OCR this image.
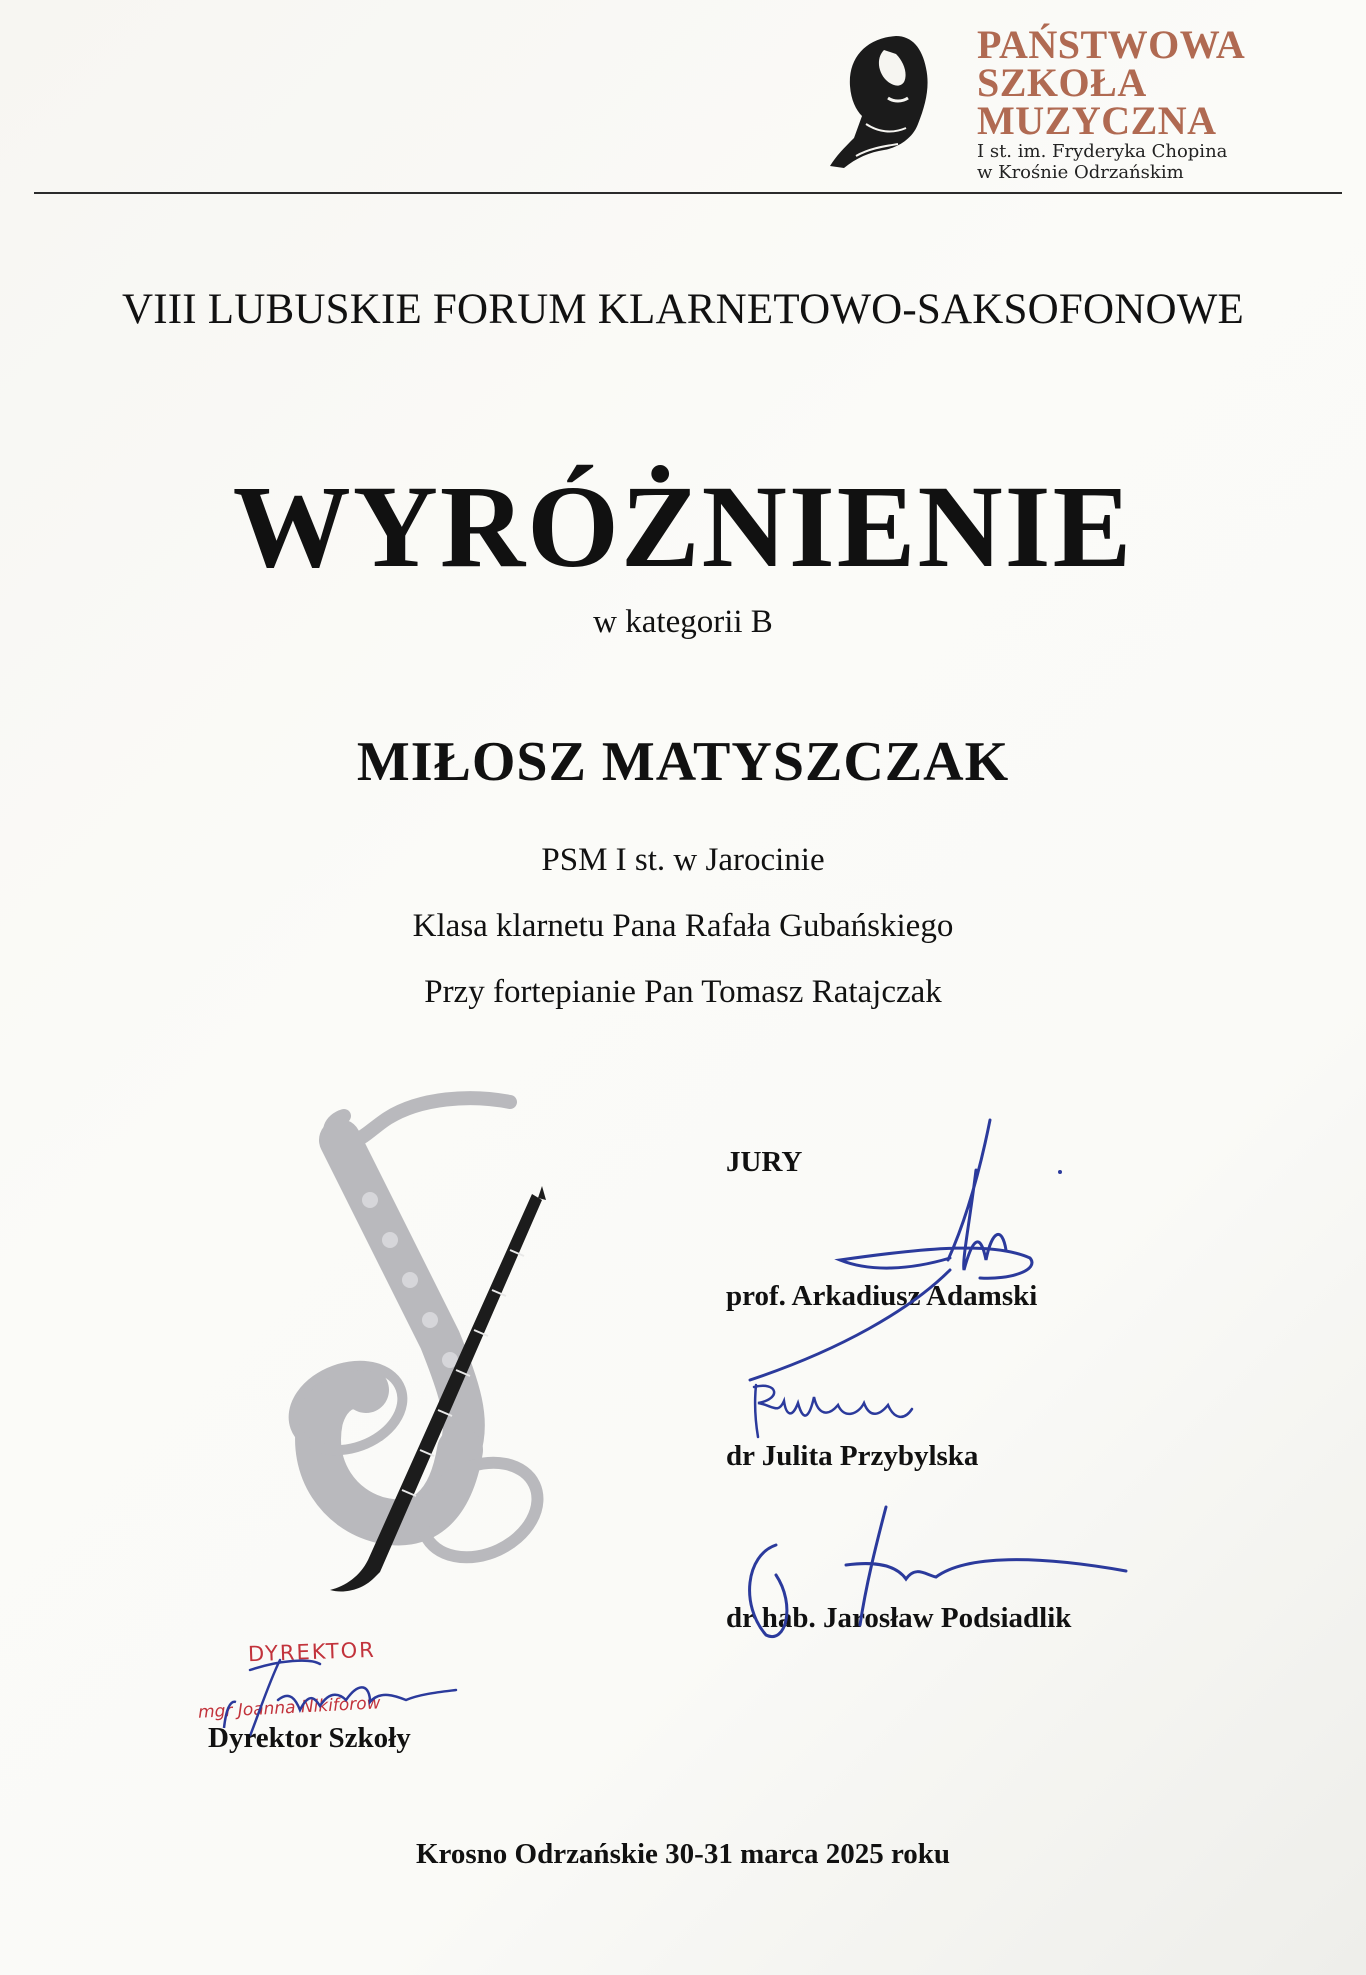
PAŃSTWOWA
SZKOŁA
MUZYCZNA
I st. im. Fryderyka Chopina
w Krośnie Odrzańskim
VIII LUBUSKIE FORUM KLARNETOWO-SAKSOFONOWE
WYRÓŻNIENIE
w kategorii B
MIŁOSZ MATYSZCZAK
PSM I st. w Jarocinie
Klasa klarnetu Pana Rafała Gubańskiego
Przy fortepianie Pan Tomasz Ratajczak
JURY
prof. Arkadiusz Adamski
dr Julita Przybylska
dr hab. Jarosław Podsiadlik
DYREKTOR
mgr Joanna Nikiforow
Dyrektor Szkoły
Krosno Odrzańskie 30-31 marca 2025 roku
